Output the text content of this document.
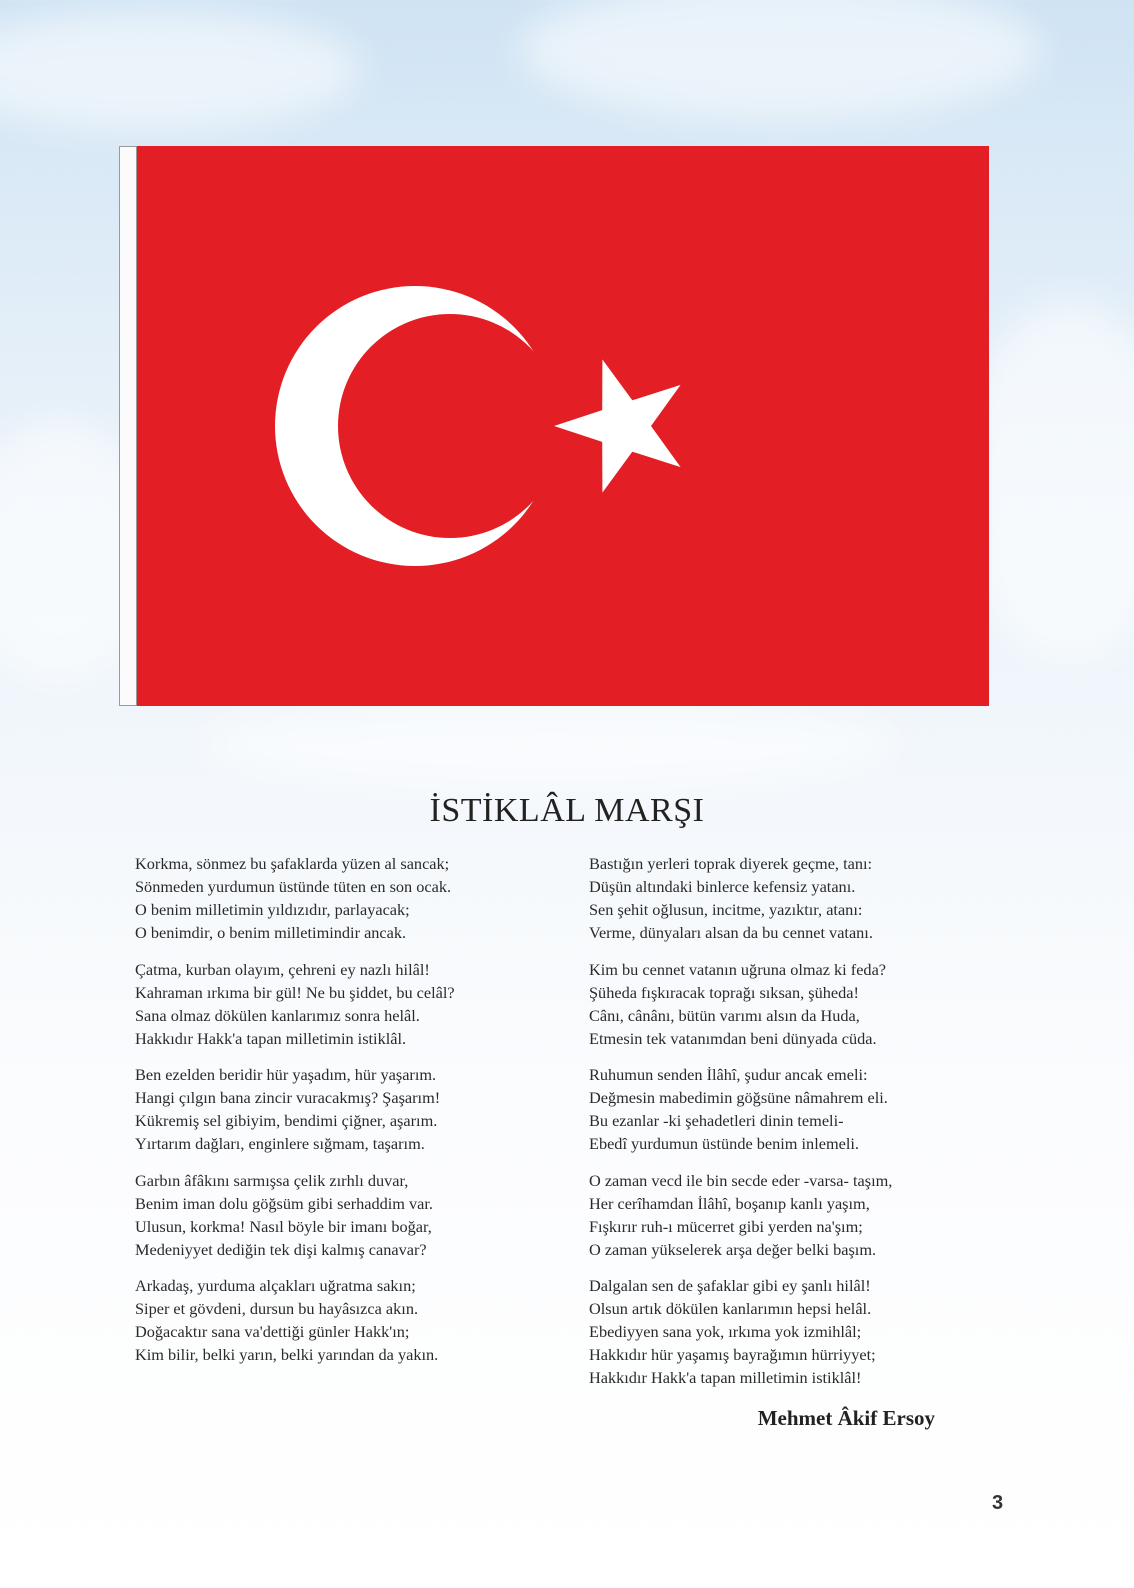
İSTİKLÂL MARŞI
Korkma, sönmez bu şafaklarda yüzen al sancak;
Sönmeden yurdumun üstünde tüten en son ocak.
O benim milletimin yıldızıdır, parlayacak;
O benimdir, o benim milletimindir ancak.
Çatma, kurban olayım, çehreni ey nazlı hilâl!
Kahraman ırkıma bir gül! Ne bu şiddet, bu celâl?
Sana olmaz dökülen kanlarımız sonra helâl.
Hakkıdır Hakk'a tapan milletimin istiklâl.
Ben ezelden beridir hür yaşadım, hür yaşarım.
Hangi çılgın bana zincir vuracakmış? Şaşarım!
Kükremiş sel gibiyim, bendimi çiğner, aşarım.
Yırtarım dağları, enginlere sığmam, taşarım.
Garbın âfâkını sarmışsa çelik zırhlı duvar,
Benim iman dolu göğsüm gibi serhaddim var.
Ulusun, korkma! Nasıl böyle bir imanı boğar,
Medeniyyet dediğin tek dişi kalmış canavar?
Arkadaş, yurduma alçakları uğratma sakın;
Siper et gövdeni, dursun bu hayâsızca akın.
Doğacaktır sana va'dettiği günler Hakk'ın;
Kim bilir, belki yarın, belki yarından da yakın.
Bastığın yerleri toprak diyerek geçme, tanı:
Düşün altındaki binlerce kefensiz yatanı.
Sen şehit oğlusun, incitme, yazıktır, atanı:
Verme, dünyaları alsan da bu cennet vatanı.
Kim bu cennet vatanın uğruna olmaz ki feda?
Şüheda fışkıracak toprağı sıksan, şüheda!
Cânı, cânânı, bütün varımı alsın da Huda,
Etmesin tek vatanımdan beni dünyada cüda.
Ruhumun senden İlâhî, şudur ancak emeli:
Değmesin mabedimin göğsüne nâmahrem eli.
Bu ezanlar -ki şehadetleri dinin temeli-
Ebedî yurdumun üstünde benim inlemeli.
O zaman vecd ile bin secde eder -varsa- taşım,
Her cerîhamdan İlâhî, boşanıp kanlı yaşım,
Fışkırır ruh-ı mücerret gibi yerden na'şım;
O zaman yükselerek arşa değer belki başım.
Dalgalan sen de şafaklar gibi ey şanlı hilâl!
Olsun artık dökülen kanlarımın hepsi helâl.
Ebediyyen sana yok, ırkıma yok izmihlâl;
Hakkıdır hür yaşamış bayrağımın hürriyyet;
Hakkıdır Hakk'a tapan milletimin istiklâl!
Mehmet Âkif Ersoy
3
